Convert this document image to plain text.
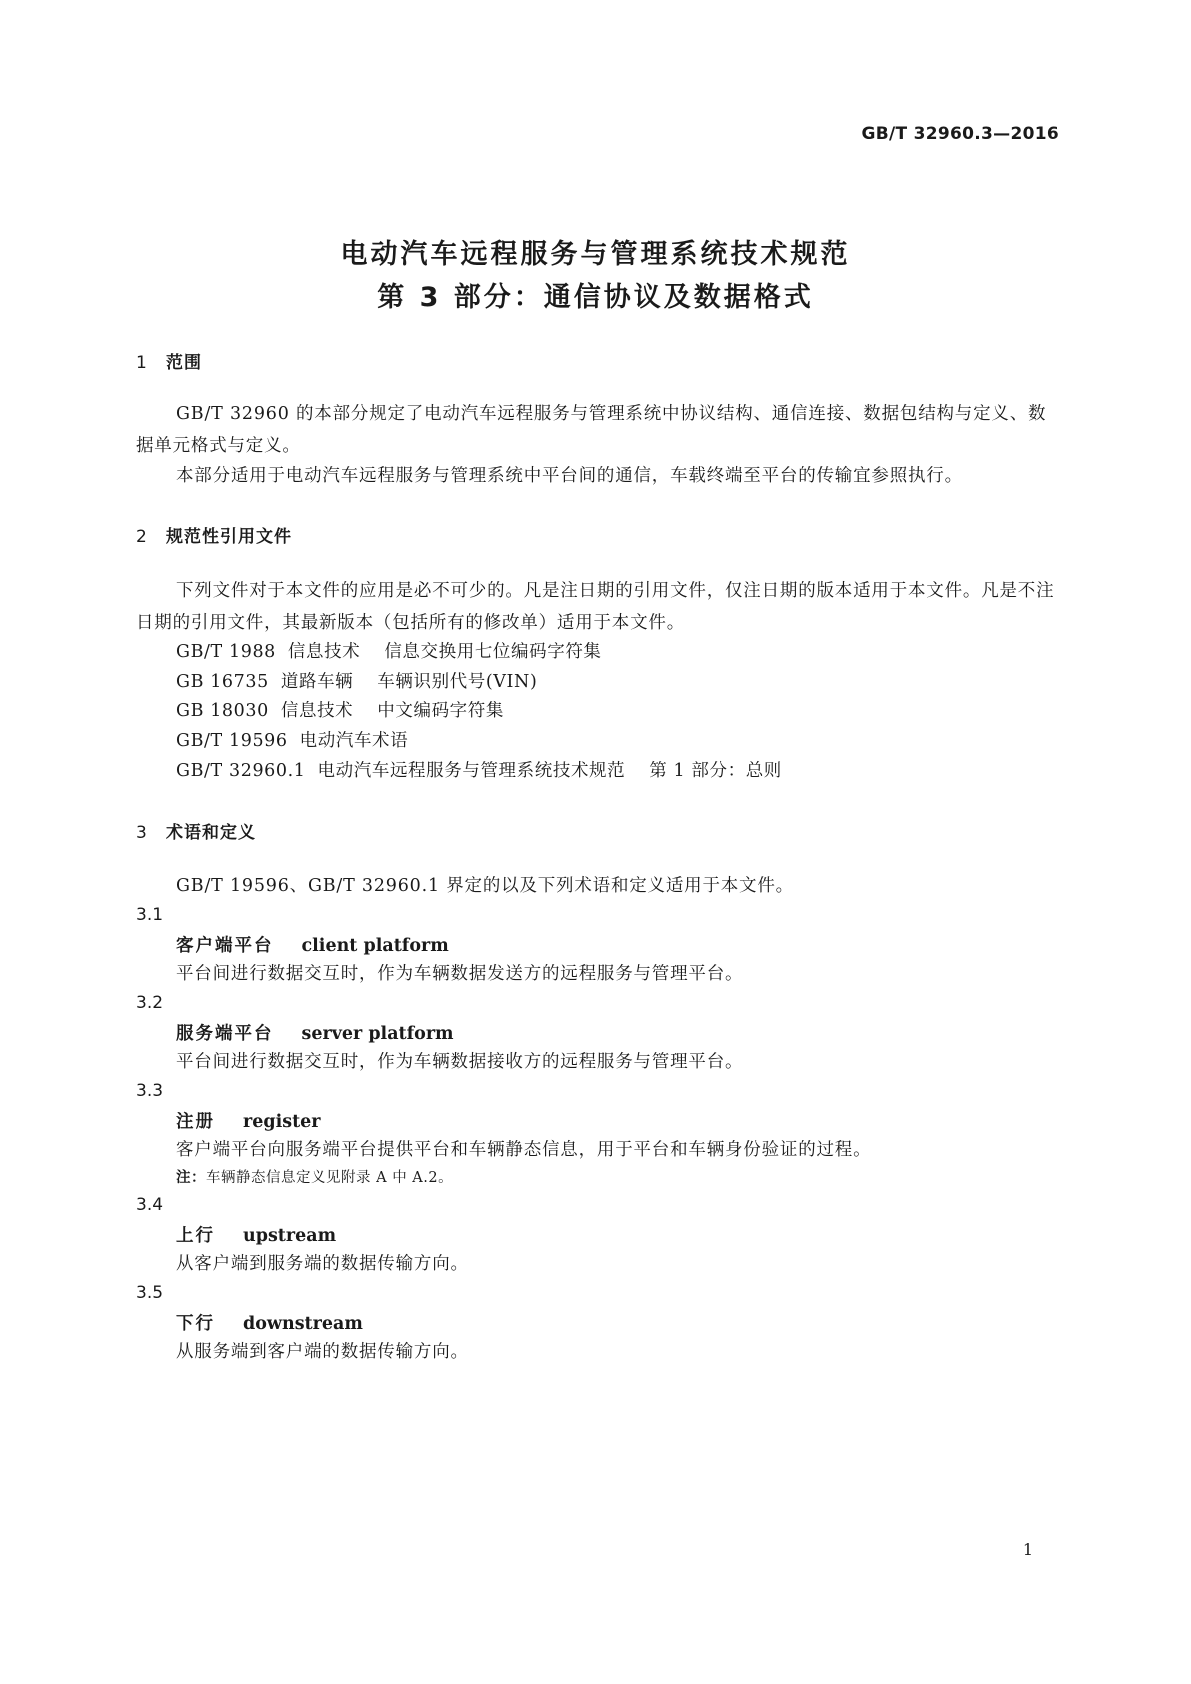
GB/T 32960.3—2016
电动汽车远程服务与管理系统技术规范
第 3 部分：通信协议及数据格式
1 范围

GB/T 32960 的本部分规定了电动汽车远程服务与管理系统中协议结构、通信连接、数据包结构与定义、数据单元格式与定义。

本部分适用于电动汽车远程服务与管理系统中平台间的通信，车载终端至平台的传输宜参照执行。
2 规范性引用文件

下列文件对于本文件的应用是必不可少的。凡是注日期的引用文件，仅注日期的版本适用于本文件。凡是不注日期的引用文件，其最新版本（包括所有的修改单）适用于本文件。

GB/T 1988 信息技术 信息交换用七位编码字符集
GB 16735 道路车辆 车辆识别代号(VIN)
GB 18030 信息技术 中文编码字符集
GB/T 19596 电动汽车术语
GB/T 32960.1 电动汽车远程服务与管理系统技术规范 第 1 部分：总则
3 术语和定义
GB/T 19596、GB/T 32960.1 界定的以及下列术语和定义适用于本文件。
3.1
客户端平台 client platform
平台间进行数据交互时，作为车辆数据发送方的远程服务与管理平台。
3.2
服务端平台 server platform
平台间进行数据交互时，作为车辆数据接收方的远程服务与管理平台。
3.3
注册 register
客户端平台向服务端平台提供平台和车辆静态信息，用于平台和车辆身份验证的过程。
注：车辆静态信息定义见附录 A 中 A.2。
3.4
上行 upstream
从客户端到服务端的数据传输方向。
3.5
下行 downstream
从服务端到客户端的数据传输方向。
1
